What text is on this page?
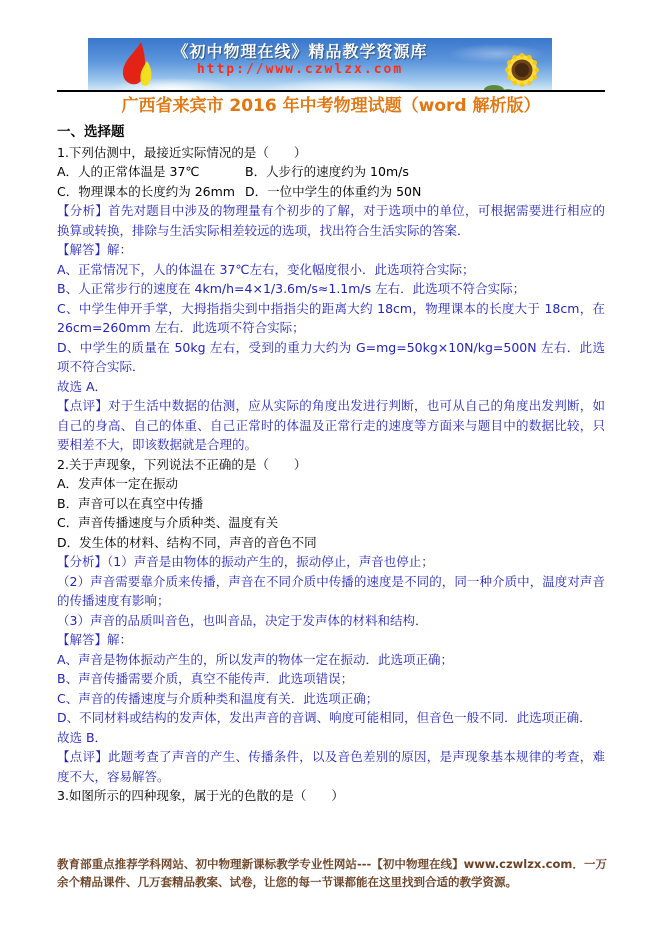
《初中物理在线》精品教学资源库
http://www.czwlzx.com
广西省来宾市 2016 年中考物理试题（word 解析版）

一、选择题

1.下列估测中，最接近实际情况的是（　　）

A．人的正常体温是 37℃	B．人步行的速度约为 10m/s

C．物理课本的长度约为 26mm D．一位中学生的体重约为 50N

【分析】首先对题目中涉及的物理量有个初步的了解，对于选项中的单位，可根据需要进行相应的换算或转换，排除与生活实际相差较远的选项，找出符合生活实际的答案．

【解答】解：

A、正常情况下，人的体温在 37℃左右，变化幅度很小．此选项符合实际；

B、人正常步行的速度在 4km/h=4×1/3.6m/s≈1.1m/s 左右．此选项不符合实际；

C、中学生伸开手掌，大拇指指尖到中指指尖的距离大约 18cm，物理课本的长度大于 18cm，在 26cm=260mm 左右．此选项不符合实际；

D、中学生的质量在 50kg 左右，受到的重力大约为 G=mg=50kg×10N/kg=500N 左右．此选项不符合实际．

故选 A．

【点评】对于生活中数据的估测，应从实际的角度出发进行判断，也可从自己的角度出发判断，如自己的身高、自己的体重、自己正常时的体温及正常行走的速度等方面来与题目中的数据比较，只要相差不大，即该数据就是合理的。

2.关于声现象，下列说法不正确的是（　　）

A．发声体一定在振动

B．声音可以在真空中传播

C．声音传播速度与介质种类、温度有关

D．发生体的材料、结构不同，声音的音色不同

【分析】（1）声音是由物体的振动产生的，振动停止，声音也停止；

（2）声音需要靠介质来传播，声音在不同介质中传播的速度是不同的，同一种介质中，温度对声音的传播速度有影响；

（3）声音的品质叫音色，也叫音品，决定于发声体的材料和结构．

【解答】解：

A、声音是物体振动产生的，所以发声的物体一定在振动．此选项正确；

B、声音传播需要介质，真空不能传声．此选项错误；

C、声音的传播速度与介质种类和温度有关．此选项正确；

D、不同材料或结构的发声体，发出声音的音调、响度可能相同，但音色一般不同．此选项正确．

故选 B．

【点评】此题考查了声音的产生、传播条件，以及音色差别的原因，是声现象基本规律的考查，难度不大，容易解答。

3.如图所示的四种现象，属于光的色散的是（　　）

教育部重点推荐学科网站、初中物理新课标教学专业性网站---【初中物理在线】www.czwlzx.com．一万余个精品课件、几万套精品教案、试卷，让您的每一节课都能在这里找到合适的教学资源。
